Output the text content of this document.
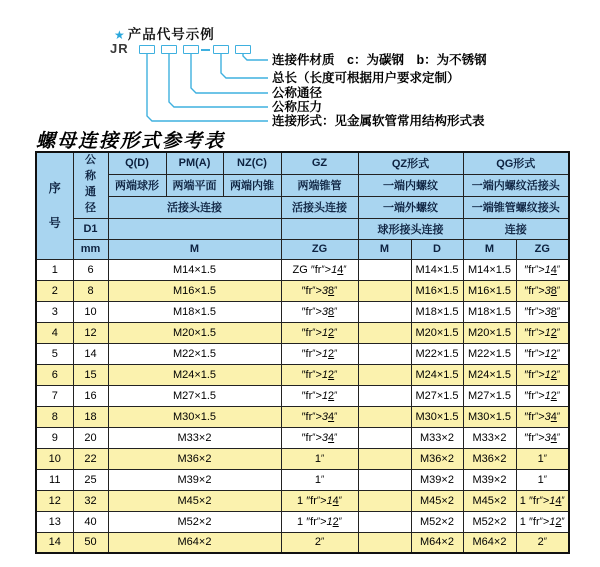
★ 产品代号示例
JR
连接件材质　c：为碳钢　b：为不锈钢
总长（长度可根据用户要求定制）
公称通径
公称压力
连接形式：见金属软管常用结构形式表
螺母连接形式参考表
序号	公称通径	Q(D)	PM(A)	NZ(C)	GZ	QZ形式		QG形式	
		两端球形	两端平面	两端内锥	两端锥管	一端内螺纹		一端内螺纹活接头	
		活接头连接			活接头连接	一端外螺纹		一端锥管螺纹接头	
	D1					球形接头连接		连接	
	mm	M			ZG	M	D	M	ZG
1	6	M14×1.5			ZG ″fr″>14″		M14×1.5	M14×1.5	″fr″>14″
2	8	M16×1.5			″fr″>38″		M16×1.5	M16×1.5	″fr″>38″
3	10	M18×1.5			″fr″>38″		M18×1.5	M18×1.5	″fr″>38″
4	12	M20×1.5			″fr″>12″		M20×1.5	M20×1.5	″fr″>12″
5	14	M22×1.5			″fr″>12″		M22×1.5	M22×1.5	″fr″>12″
6	15	M24×1.5			″fr″>12″		M24×1.5	M24×1.5	″fr″>12″
7	16	M27×1.5			″fr″>12″		M27×1.5	M27×1.5	″fr″>12″
8	18	M30×1.5			″fr″>34″		M30×1.5	M30×1.5	″fr″>34″
9	20	M33×2			″fr″>34″		M33×2	M33×2	″fr″>34″
10	22	M36×2			1″		M36×2	M36×2	1″
11	25	M39×2			1″		M39×2	M39×2	1″
12	32	M45×2			1 ″fr″>14″		M45×2	M45×2	1 ″fr″>14″
13	40	M52×2			1 ″fr″>12″		M52×2	M52×2	1 ″fr″>12″
14	50	M64×2			2″		M64×2	M64×2	2″
